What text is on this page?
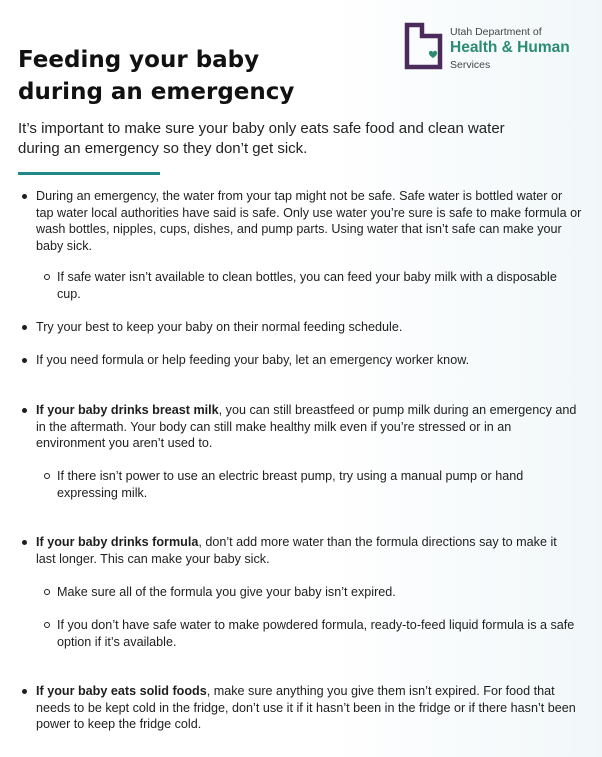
Utah Department of
Health & Human
Services
Feeding your baby
during an emergency
It’s important to make sure your baby only eats safe food and clean water
during an emergency so they don’t get sick.
During an emergency, the water from your tap might not be safe. Safe water is bottled water or
tap water local authorities have said is safe. Only use water you’re sure is safe to make formula or
wash bottles, nipples, cups, dishes, and pump parts. Using water that isn’t safe can make your
baby sick.
If safe water isn’t available to clean bottles, you can feed your baby milk with a disposable
cup.
Try your best to keep your baby on their normal feeding schedule.
If you need formula or help feeding your baby, let an emergency worker know.
If your baby drinks breast milk, you can still breastfeed or pump milk during an emergency and
in the aftermath. Your body can still make healthy milk even if you’re stressed or in an
environment you aren’t used to.
If there isn’t power to use an electric breast pump, try using a manual pump or hand
expressing milk.
If your baby drinks formula, don’t add more water than the formula directions say to make it
last longer. This can make your baby sick.
Make sure all of the formula you give your baby isn’t expired.
If you don’t have safe water to make powdered formula, ready-to-feed liquid formula is a safe
option if it’s available.
If your baby eats solid foods, make sure anything you give them isn’t expired. For food that
needs to be kept cold in the fridge, don’t use it if it hasn’t been in the fridge or if there hasn’t been
power to keep the fridge cold.
